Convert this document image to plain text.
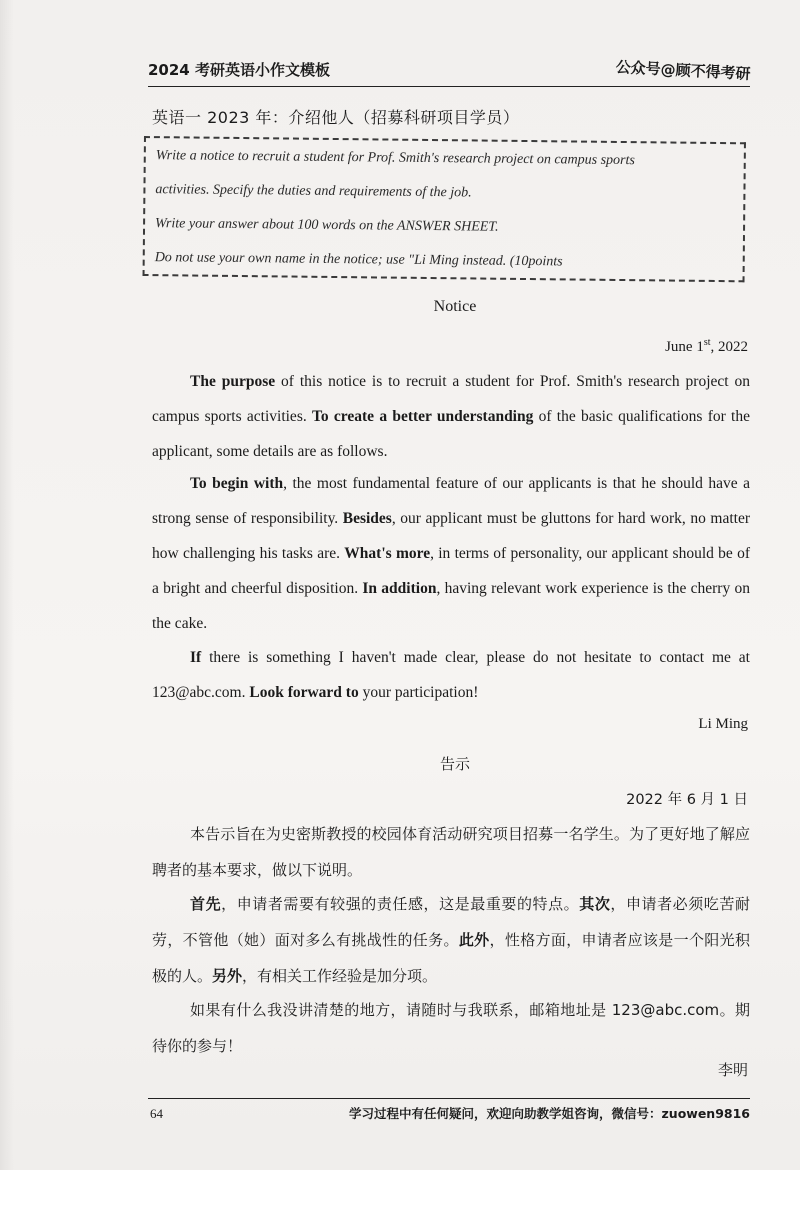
2024 考研英语小作文模板	公众号@顾不得考研
英语一 2023 年：介绍他人（招募科研项目学员）
Write a notice to recruit a student for Prof. Smith's research project on campus sports
activities. Specify the duties and requirements of the job.
Write your answer about 100 words on the ANSWER SHEET.
Do not use your own name in the notice; use "Li Ming instead. (10points
Notice
June 1st, 2022
The purpose of this notice is to recruit a student for Prof. Smith's research project on campus sports activities. To create a better understanding of the basic qualifications for the applicant, some details are as follows.
To begin with, the most fundamental feature of our applicants is that he should have a strong sense of responsibility. Besides, our applicant must be gluttons for hard work, no matter how challenging his tasks are. What's more, in terms of personality, our applicant should be of a bright and cheerful disposition. In addition, having relevant work experience is the cherry on the cake.
If there is something I haven't made clear, please do not hesitate to contact me at 123@abc.com. Look forward to your participation!
Li Ming
告示
2022 年 6 月 1 日
本告示旨在为史密斯教授的校园体育活动研究项目招募一名学生。为了更好地了解应聘者的基本要求，做以下说明。
首先，申请者需要有较强的责任感，这是最重要的特点。其次，申请者必须吃苦耐劳，不管他（她）面对多么有挑战性的任务。此外，性格方面，申请者应该是一个阳光积极的人。另外，有相关工作经验是加分项。
如果有什么我没讲清楚的地方，请随时与我联系，邮箱地址是 123@abc.com。期待你的参与！
李明
64	学习过程中有任何疑问，欢迎向助教学姐咨询，微信号：zuowen9816
